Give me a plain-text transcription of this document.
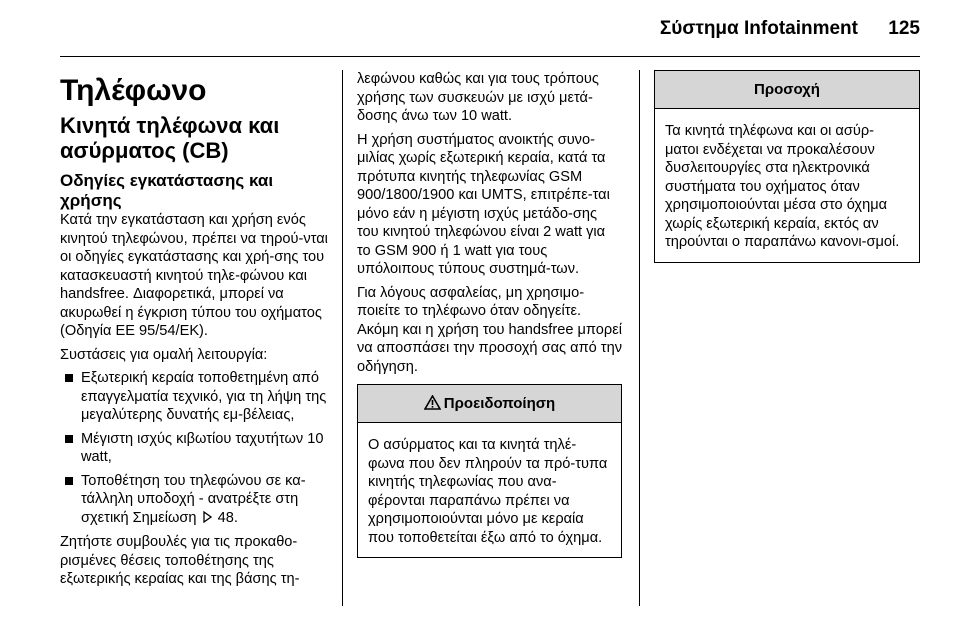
Σύστημα Infotainment 125
Τηλέφωνο
Κινητά τηλέφωνα και ασύρματος (CB)
Οδηγίες εγκατάστασης και χρήσης

Κατά την εγκατάσταση και χρήση ενός κινητού τηλεφώνου, πρέπει να τηρού-νται οι οδηγίες εγκατάστασης και χρή-σης του κατασκευαστή κινητού τηλε-φώνου και handsfree. Διαφορετικά, μπορεί να ακυρωθεί η έγκριση τύπου του οχήματος (Οδηγία ΕΕ 95/54/ΕΚ).

Συστάσεις για ομαλή λειτουργία:

Εξωτερική κεραία τοποθετημένη από επαγγελματία τεχνικό, για τη λήψη της μεγαλύτερης δυνατής εμ-βέλειας,
Μέγιστη ισχύς κιβωτίου ταχυτήτων 10 watt,
Τοποθέτηση του τηλεφώνου σε κα-τάλληλη υποδοχή - ανατρέξτε στη σχετική Σημείωση 48.

Ζητήστε συμβουλές για τις προκαθο-ρισμένες θέσεις τοποθέτησης της εξωτερικής κεραίας και της βάσης τη-

λεφώνου καθώς και για τους τρόπους χρήσης των συσκευών με ισχύ μετά-δοσης άνω των 10 watt.

Η χρήση συστήματος ανοικτής συνο-μιλίας χωρίς εξωτερική κεραία, κατά τα πρότυπα κινητής τηλεφωνίας GSM 900/1800/1900 και UMTS, επιτρέπε-ται μόνο εάν η μέγιστη ισχύς μετάδο-σης του κινητού τηλεφώνου είναι 2 watt για το GSM 900 ή 1 watt για τους υπόλοιπους τύπους συστημά-των.

Για λόγους ασφαλείας, μη χρησιμο-ποιείτε το τηλέφωνο όταν οδηγείτε. Ακόμη και η χρήση του handsfree μπορεί να αποσπάσει την προσοχή σας από την οδήγηση.

Προειδοποίηση

Ο ασύρματος και τα κινητά τηλέ-φωνα που δεν πληρούν τα πρό-τυπα κινητής τηλεφωνίας που ανα-φέρονται παραπάνω πρέπει να χρησιμοποιούνται μόνο με κεραία που τοποθετείται έξω από το όχημα.

Προσοχή

Τα κινητά τηλέφωνα και οι ασύρ-ματοι ενδέχεται να προκαλέσουν δυσλειτουργίες στα ηλεκτρονικά συστήματα του οχήματος όταν χρησιμοποιούνται μέσα στο όχημα χωρίς εξωτερική κεραία, εκτός αν τηρούνται ο παραπάνω κανονι-σμοί.
